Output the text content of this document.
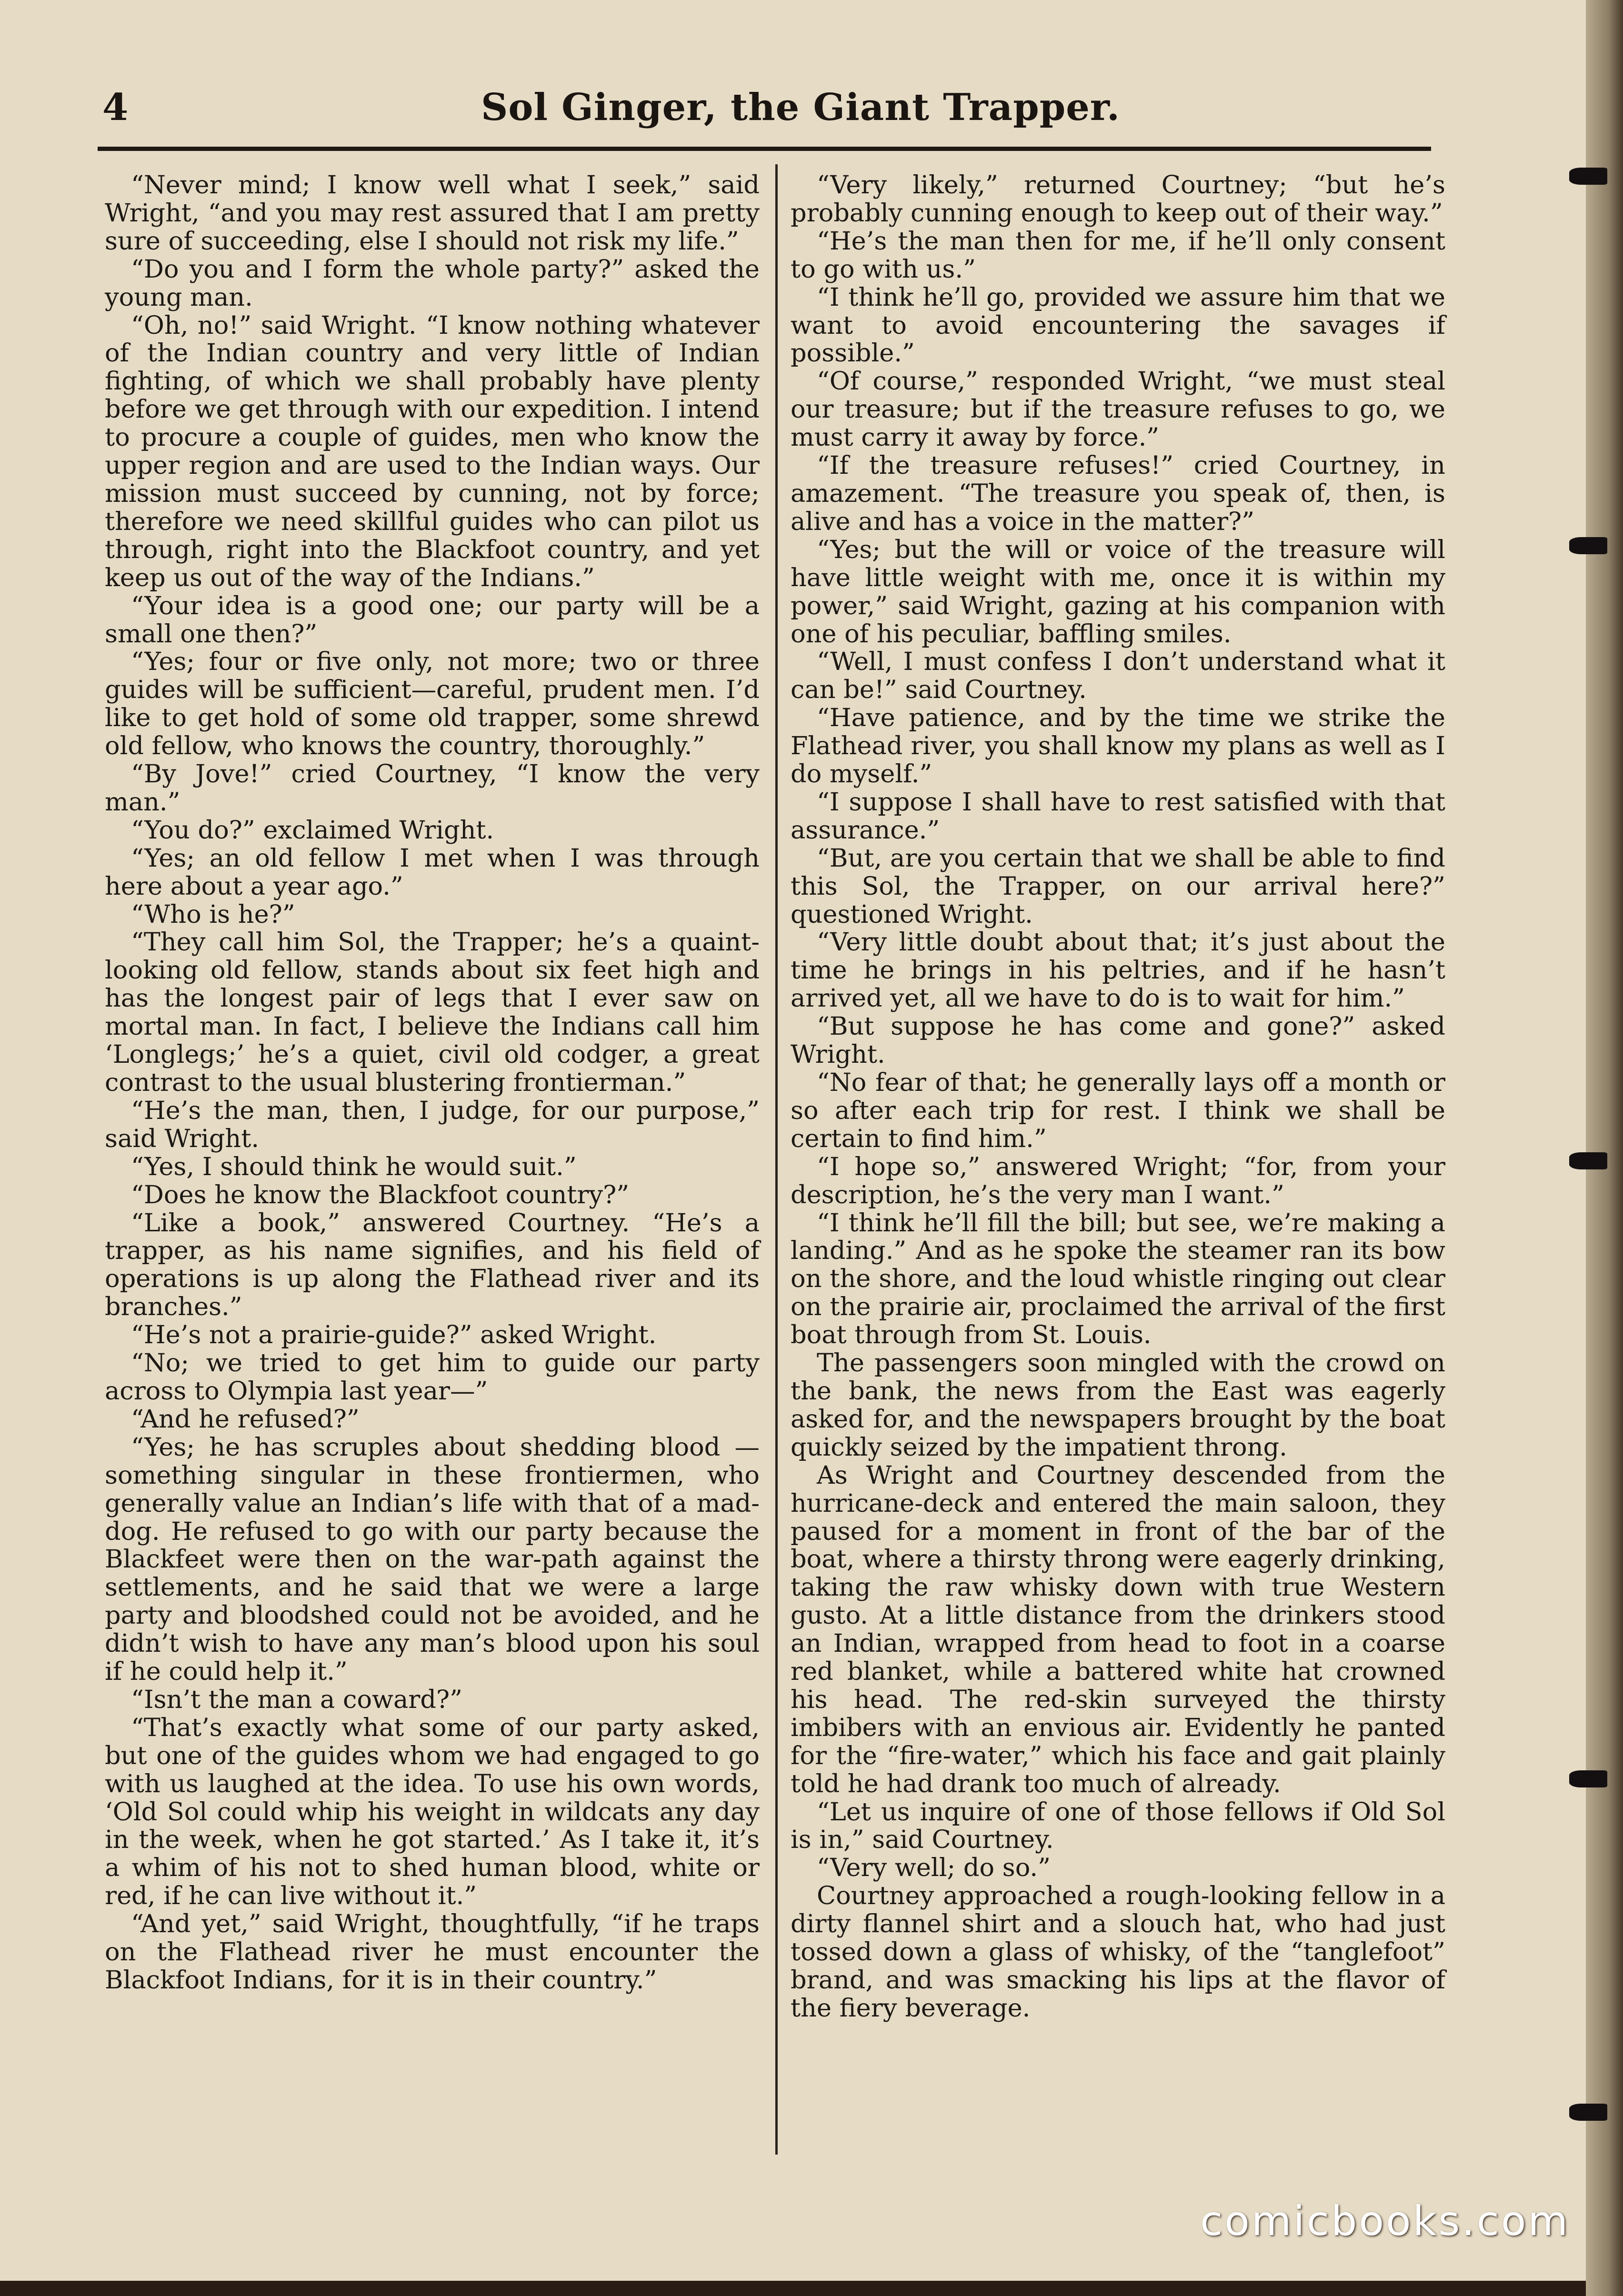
4	Sol Ginger, the Giant Trapper.

“Never mind; I know well what I seek,” said Wright, “and you may rest assured that I am pretty sure of succeeding, else I should not risk my life.”

“Do you and I form the whole party?” asked the young man.

“Oh, no!” said Wright. “I know nothing whatever of the Indian country and very little of Indian fighting, of which we shall probably have plenty before we get through with our expedition. I intend to procure a couple of guides, men who know the upper region and are used to the Indian ways. Our mission must succeed by cunning, not by force; therefore we need skillful guides who can pilot us through, right into the Blackfoot country, and yet keep us out of the way of the Indians.”

“Your idea is a good one; our party will be a small one then?”

“Yes; four or five only, not more; two or three guides will be sufficient—careful, prudent men. I’d like to get hold of some old trapper, some shrewd old fellow, who knows the country, thoroughly.”

“By Jove!” cried Courtney, “I know the very man.”

“You do?” exclaimed Wright.

“Yes; an old fellow I met when I was through here about a year ago.”

“Who is he?”

“They call him Sol, the Trapper; he’s a quaint-looking old fellow, stands about six feet high and has the longest pair of legs that I ever saw on mortal man. In fact, I believe the Indians call him ‘Longlegs;’ he’s a quiet, civil old codger, a great contrast to the usual blustering frontierman.”

“He’s the man, then, I judge, for our purpose,” said Wright.

“Yes, I should think he would suit.”

“Does he know the Blackfoot country?”

“Like a book,” answered Courtney. “He’s a trapper, as his name signifies, and his field of operations is up along the Flathead river and its branches.”

“He’s not a prairie-guide?” asked Wright.

“No; we tried to get him to guide our party across to Olympia last year—”

“And he refused?”

“Yes; he has scruples about shedding blood —something singular in these frontiermen, who generally value an Indian’s life with that of a mad-dog. He refused to go with our party because the Blackfeet were then on the war-path against the settlements, and he said that we were a large party and bloodshed could not be avoided, and he didn’t wish to have any man’s blood upon his soul if he could help it.”

“Isn’t the man a coward?”

“That’s exactly what some of our party asked, but one of the guides whom we had engaged to go with us laughed at the idea. To use his own words, ‘Old Sol could whip his weight in wildcats any day in the week, when he got started.’ As I take it, it’s a whim of his not to shed human blood, white or red, if he can live without it.”

“And yet,” said Wright, thoughtfully, “if he traps on the Flathead river he must encounter the Blackfoot Indians, for it is in their country.”

“Very likely,” returned Courtney; “but he’s probably cunning enough to keep out of their way.”

“He’s the man then for me, if he’ll only consent to go with us.”

“I think he’ll go, provided we assure him that we want to avoid encountering the savages if possible.”

“Of course,” responded Wright, “we must steal our treasure; but if the treasure refuses to go, we must carry it away by force.”

“If the treasure refuses!” cried Courtney, in amazement. “The treasure you speak of, then, is alive and has a voice in the matter?”

“Yes; but the will or voice of the treasure will have little weight with me, once it is within my power,” said Wright, gazing at his companion with one of his peculiar, baffling smiles.

“Well, I must confess I don’t understand what it can be!” said Courtney.

“Have patience, and by the time we strike the Flathead river, you shall know my plans as well as I do myself.”

“I suppose I shall have to rest satisfied with that assurance.”

“But, are you certain that we shall be able to find this Sol, the Trapper, on our arrival here?” questioned Wright.

“Very little doubt about that; it’s just about the time he brings in his peltries, and if he hasn’t arrived yet, all we have to do is to wait for him.”

“But suppose he has come and gone?” asked Wright.

“No fear of that; he generally lays off a month or so after each trip for rest. I think we shall be certain to find him.”

“I hope so,” answered Wright; “for, from your description, he’s the very man I want.”

“I think he’ll fill the bill; but see, we’re making a landing.” And as he spoke the steamer ran its bow on the shore, and the loud whistle ringing out clear on the prairie air, proclaimed the arrival of the first boat through from St. Louis.

The passengers soon mingled with the crowd on the bank, the news from the East was eagerly asked for, and the newspapers brought by the boat quickly seized by the impatient throng.

As Wright and Courtney descended from the hurricane-deck and entered the main saloon, they paused for a moment in front of the bar of the boat, where a thirsty throng were eagerly drinking, taking the raw whisky down with true Western gusto. At a little distance from the drinkers stood an Indian, wrapped from head to foot in a coarse red blanket, while a battered white hat crowned his head. The red-skin surveyed the thirsty imbibers with an envious air. Evidently he panted for the “fire-water,” which his face and gait plainly told he had drank too much of already.

“Let us inquire of one of those fellows if Old Sol is in,” said Courtney.

“Very well; do so.”

Courtney approached a rough-looking fellow in a dirty flannel shirt and a slouch hat, who had just tossed down a glass of whisky, of the “tanglefoot” brand, and was smacking his lips at the flavor of the fiery beverage.

comicbooks.com
